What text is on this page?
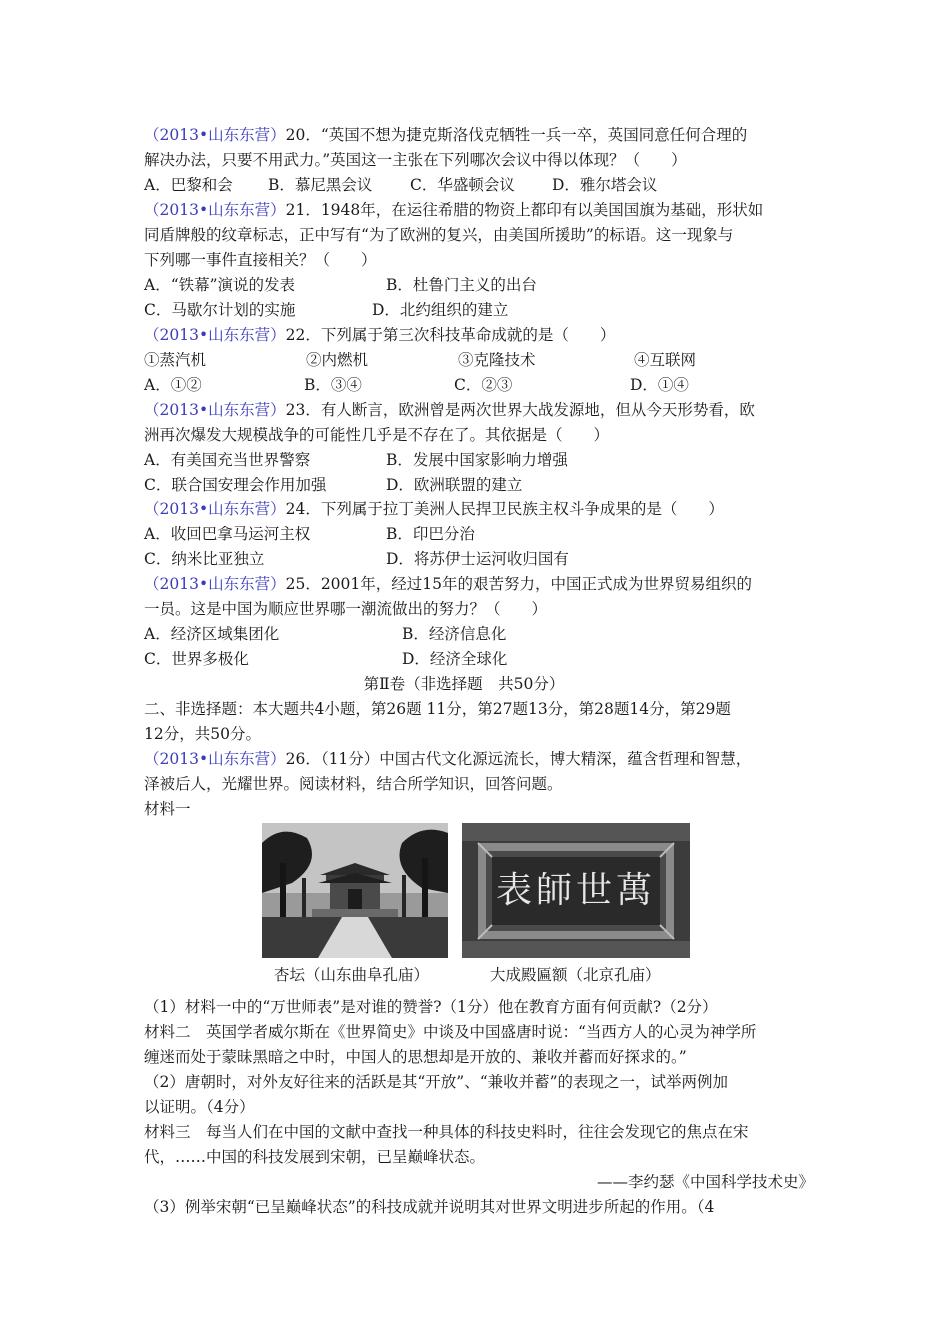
（2013•山东东营）20．“英国不想为捷克斯洛伐克牺牲一兵一卒，英国同意任何合理的
解决办法，只要不用武力。”英国这一主张在下列哪次会议中得以体现？（　　）
A．巴黎和会 B．慕尼黑会议 C．华盛顿会议 D．雅尔塔会议
（2013•山东东营）21．1948年，在运往希腊的物资上都印有以美国国旗为基础，形状如
同盾牌般的纹章标志，正中写有“为了欧洲的复兴，由美国所援助”的标语。这一现象与
下列哪一事件直接相关？（　　）
A．“铁幕”演说的发表	B．杜鲁门主义的出台
C．马歇尔计划的实施	D．北约组织的建立
（2013•山东东营）22．下列属于第三次科技革命成就的是（　　）
①蒸汽机	②内燃机	③克隆技术	④互联网
A．①②	B．③④	C．②③	D．①④
（2013•山东东营）23．有人断言，欧洲曾是两次世界大战发源地，但从今天形势看，欧
洲再次爆发大规模战争的可能性几乎是不存在了。其依据是（　　）
A．有美国充当世界警察	B．发展中国家影响力增强
C．联合国安理会作用加强	D．欧洲联盟的建立
（2013•山东东营）24．下列属于拉丁美洲人民捍卫民族主权斗争成果的是（　　）
A．收回巴拿马运河主权	B．印巴分治
C．纳米比亚独立	D．将苏伊士运河收归国有
（2013•山东东营）25．2001年，经过15年的艰苦努力，中国正式成为世界贸易组织的
一员。这是中国为顺应世界哪一潮流做出的努力？（　　）
A．经济区域集团化	B．经济信息化
C．世界多极化	D．经济全球化
第Ⅱ卷（非选择题　共50分）
二、非选择题：本大题共4小题，第26题 11分，第27题13分，第28题14分，第29题
12分，共50分。
（2013•山东东营）26．（11分）中国古代文化源远流长，博大精深，蕴含哲理和智慧，
泽被后人，光耀世界。阅读材料，结合所学知识，回答问题。
材料一
萬世師表
杏坛（山东曲阜孔庙）	大成殿匾额（北京孔庙）
（1）材料一中的“万世师表”是对谁的赞誉?（1分）他在教育方面有何贡献?（2分）
材料二　英国学者威尔斯在《世界简史》中谈及中国盛唐时说：“当西方人的心灵为神学所
缠迷而处于蒙昧黑暗之中时，中国人的思想却是开放的、兼收并蓄而好探求的。”
（2）唐朝时，对外友好往来的活跃是其“开放”、“兼收并蓄”的表现之一，试举两例加
以证明。（4分）
材料三　每当人们在中国的文献中查找一种具体的科技史料时，往往会发现它的焦点在宋
代，……中国的科技发展到宋朝，已呈巅峰状态。
——李约瑟《中国科学技术史》
（3）例举宋朝“已呈巅峰状态”的科技成就并说明其对世界文明进步所起的作用。（4
